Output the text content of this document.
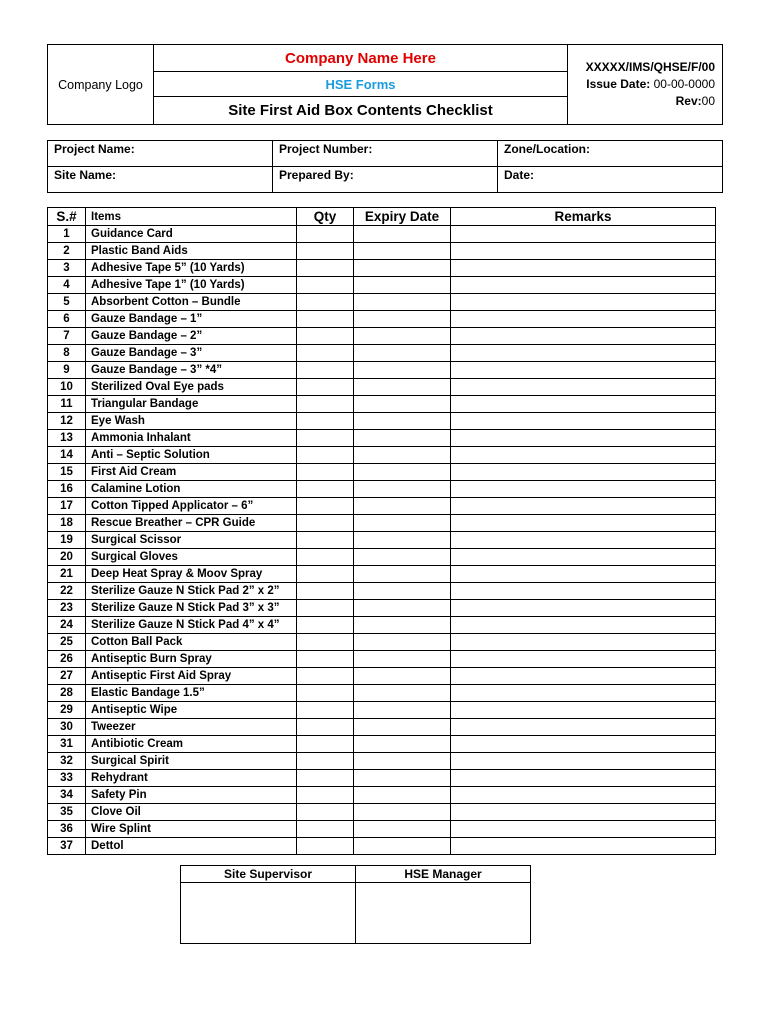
Company Logo	Company Name Here	
XXXXX/IMS/QHSE/F/00
Issue Date: 00-00-0000
Rev:00

HSE Forms
Site First Aid Box Contents Checklist
Project Name:	Project Number:	Zone/Location:
Site Name:	Prepared By:	Date:
S.#	Items	Qty	Expiry Date	Remarks
1	Guidance Card			
2	Plastic Band Aids			
3	Adhesive Tape 5” (10 Yards)			
4	Adhesive Tape 1” (10 Yards)			
5	Absorbent Cotton – Bundle			
6	Gauze Bandage – 1”			
7	Gauze Bandage – 2”			
8	Gauze Bandage – 3”			
9	Gauze Bandage – 3” *4”			
10	Sterilized Oval Eye pads			
11	Triangular Bandage			
12	Eye Wash			
13	Ammonia Inhalant			
14	Anti – Septic Solution			
15	First Aid Cream			
16	Calamine Lotion			
17	Cotton Tipped Applicator – 6”			
18	Rescue Breather – CPR Guide			
19	Surgical Scissor			
20	Surgical Gloves			
21	Deep Heat Spray & Moov Spray			
22	Sterilize Gauze N Stick Pad 2” x 2”			
23	Sterilize Gauze N Stick Pad 3” x 3”			
24	Sterilize Gauze N Stick Pad 4” x 4”			
25	Cotton Ball Pack			
26	Antiseptic Burn Spray			
27	Antiseptic First Aid Spray			
28	Elastic Bandage 1.5”			
29	Antiseptic Wipe			
30	Tweezer			
31	Antibiotic Cream			
32	Surgical Spirit			
33	Rehydrant			
34	Safety Pin			
35	Clove Oil			
36	Wire Splint			
37	Dettol			
Site Supervisor	HSE Manager
